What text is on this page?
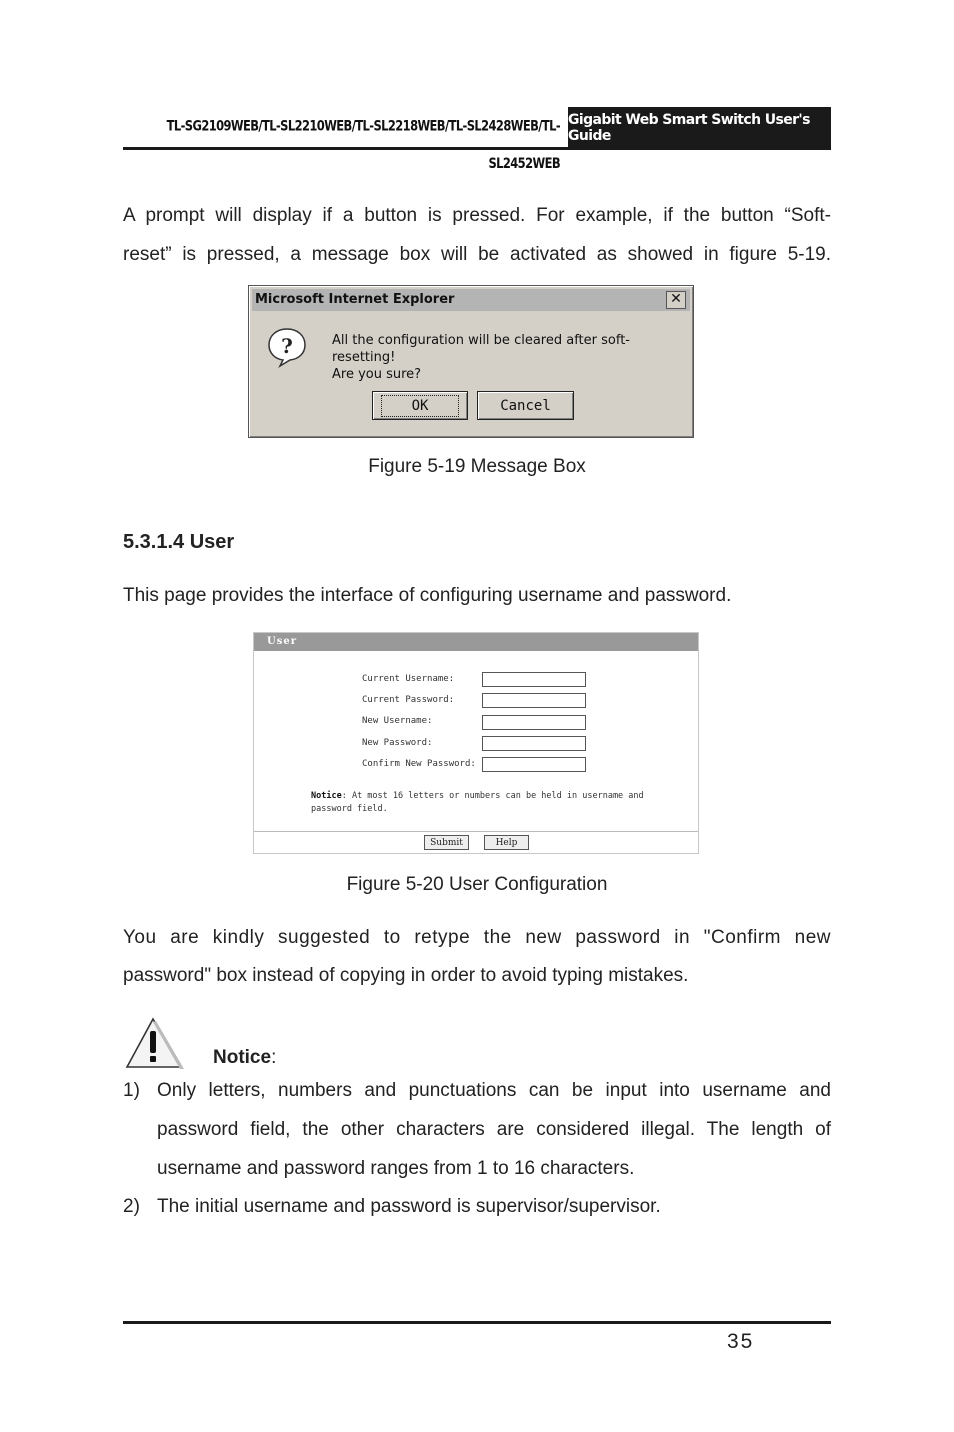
TL-SG2109WEB/TL-SL2210WEB/TL-SL2218WEB/TL-SL2428WEB/TL-SL2452WEB
Gigabit Web Smart Switch User's Guide
A prompt will display if a button is pressed. For example, if the button “Soft-
reset” is pressed, a message box will be activated as showed in figure 5-19.
Microsoft Internet Explorer	✕
?	All the configuration will be cleared after soft-resetting!
Are you sure?
OK	Cancel
Figure 5-19 Message Box
5.3.1.4 User
This page provides the interface of configuring username and password.
User
Current Username:
Current Password:
New Username:
New Password:
Confirm New Password:
Notice: At most 16 letters or numbers can be held in username and password field.
Submit	Help
Figure 5-20 User Configuration
You are kindly suggested to retype the new password in "Confirm new
password" box instead of copying in order to avoid typing mistakes.
Notice:
1) Only letters, numbers and punctuations can be input into username and password field, the other characters are considered illegal. The length of username and password ranges from 1 to 16 characters.
2) The initial username and password is supervisor/supervisor.
35
